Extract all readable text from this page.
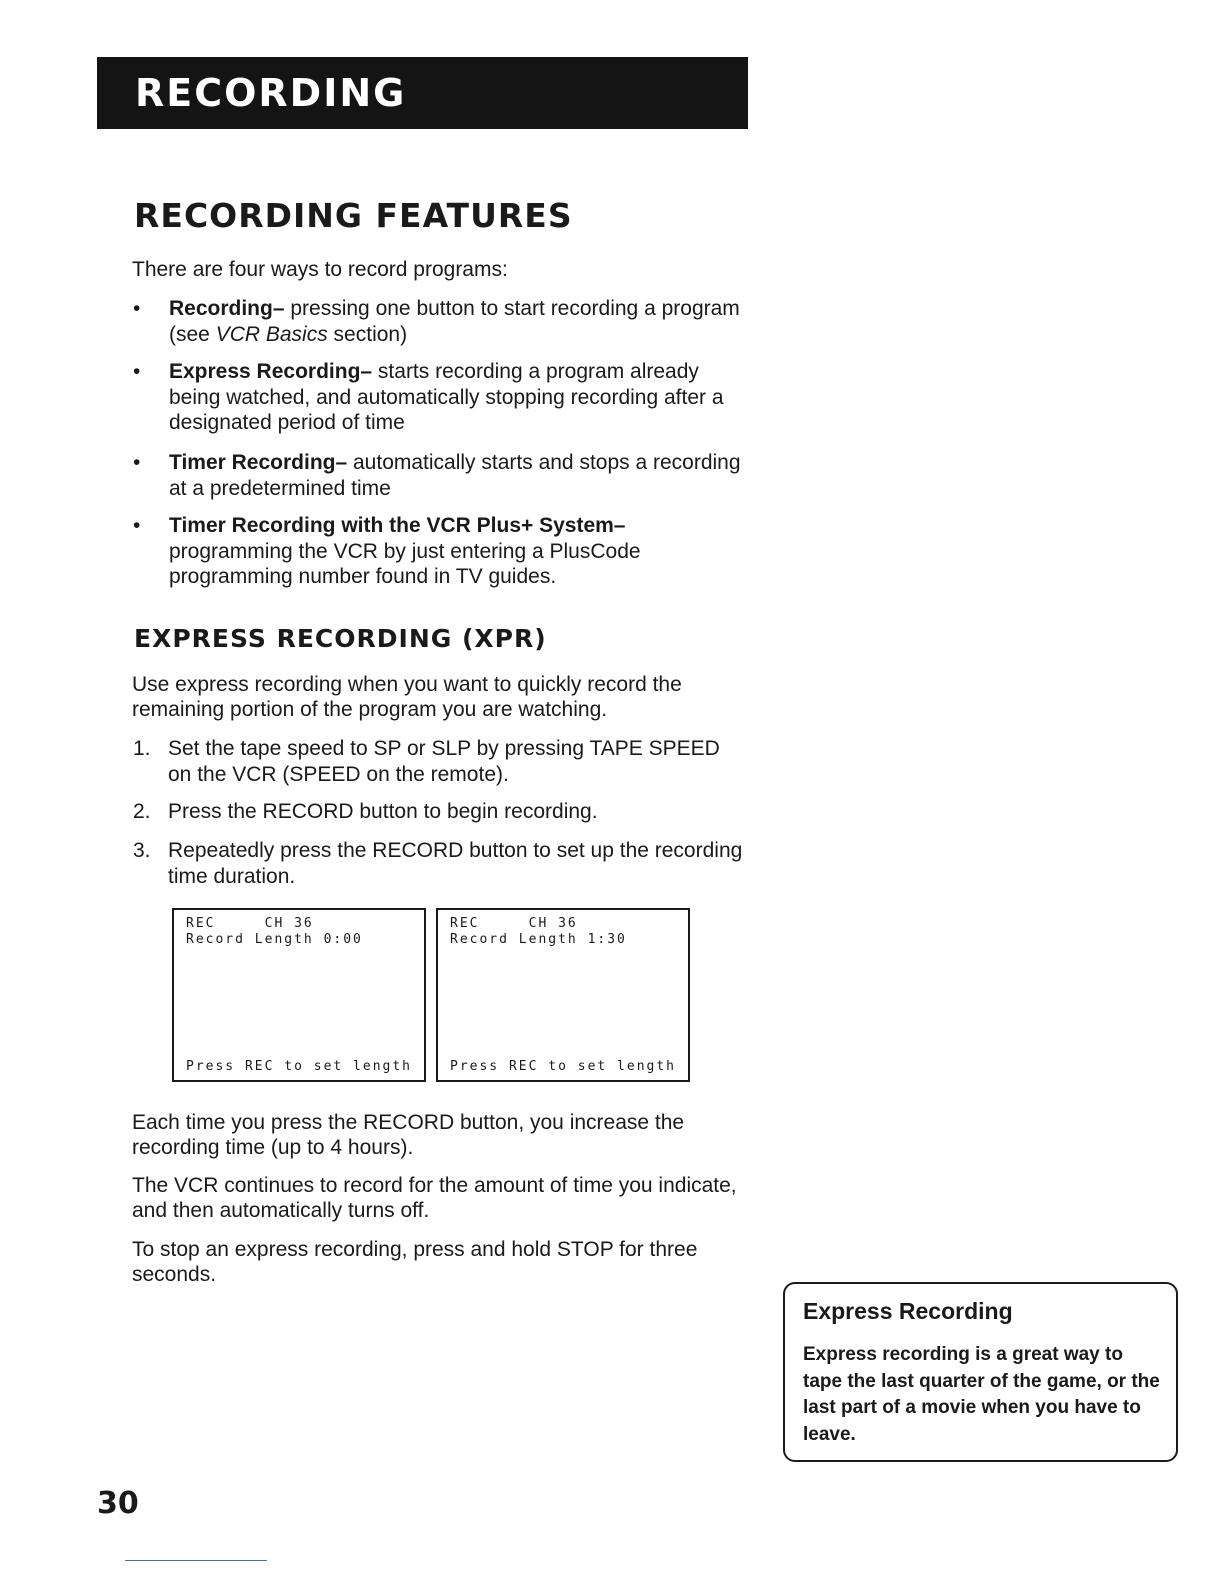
RECORDING
RECORDING FEATURES
There are four ways to record programs:
• Recording– pressing one button to start recording a program (see VCR Basics section)
• Express Recording– starts recording a program already being watched, and automatically stopping recording after a designated period of time
• Timer Recording– automatically starts and stops a recording at a predetermined time
• Timer Recording with the VCR Plus+ System– programming the VCR by just entering a PlusCode programming number found in TV guides.
EXPRESS RECORDING (XPR)
Use express recording when you want to quickly record the remaining portion of the program you are watching.
1. Set the tape speed to SP or SLP by pressing TAPE SPEED on the VCR (SPEED on the remote).
2. Press the RECORD button to begin recording.
3. Repeatedly press the RECORD button to set up the recording time duration.
REC     CH 36
Record Length 0:00
Press REC to set length
REC     CH 36
Record Length 1:30
Press REC to set length
Each time you press the RECORD button, you increase the recording time (up to 4 hours).
The VCR continues to record for the amount of time you indicate, and then automatically turns off.
To stop an express recording, press and hold STOP for three seconds.
Express Recording
Express recording is a great way to tape the last quarter of the game, or the last part of a movie when you have to leave.
30
